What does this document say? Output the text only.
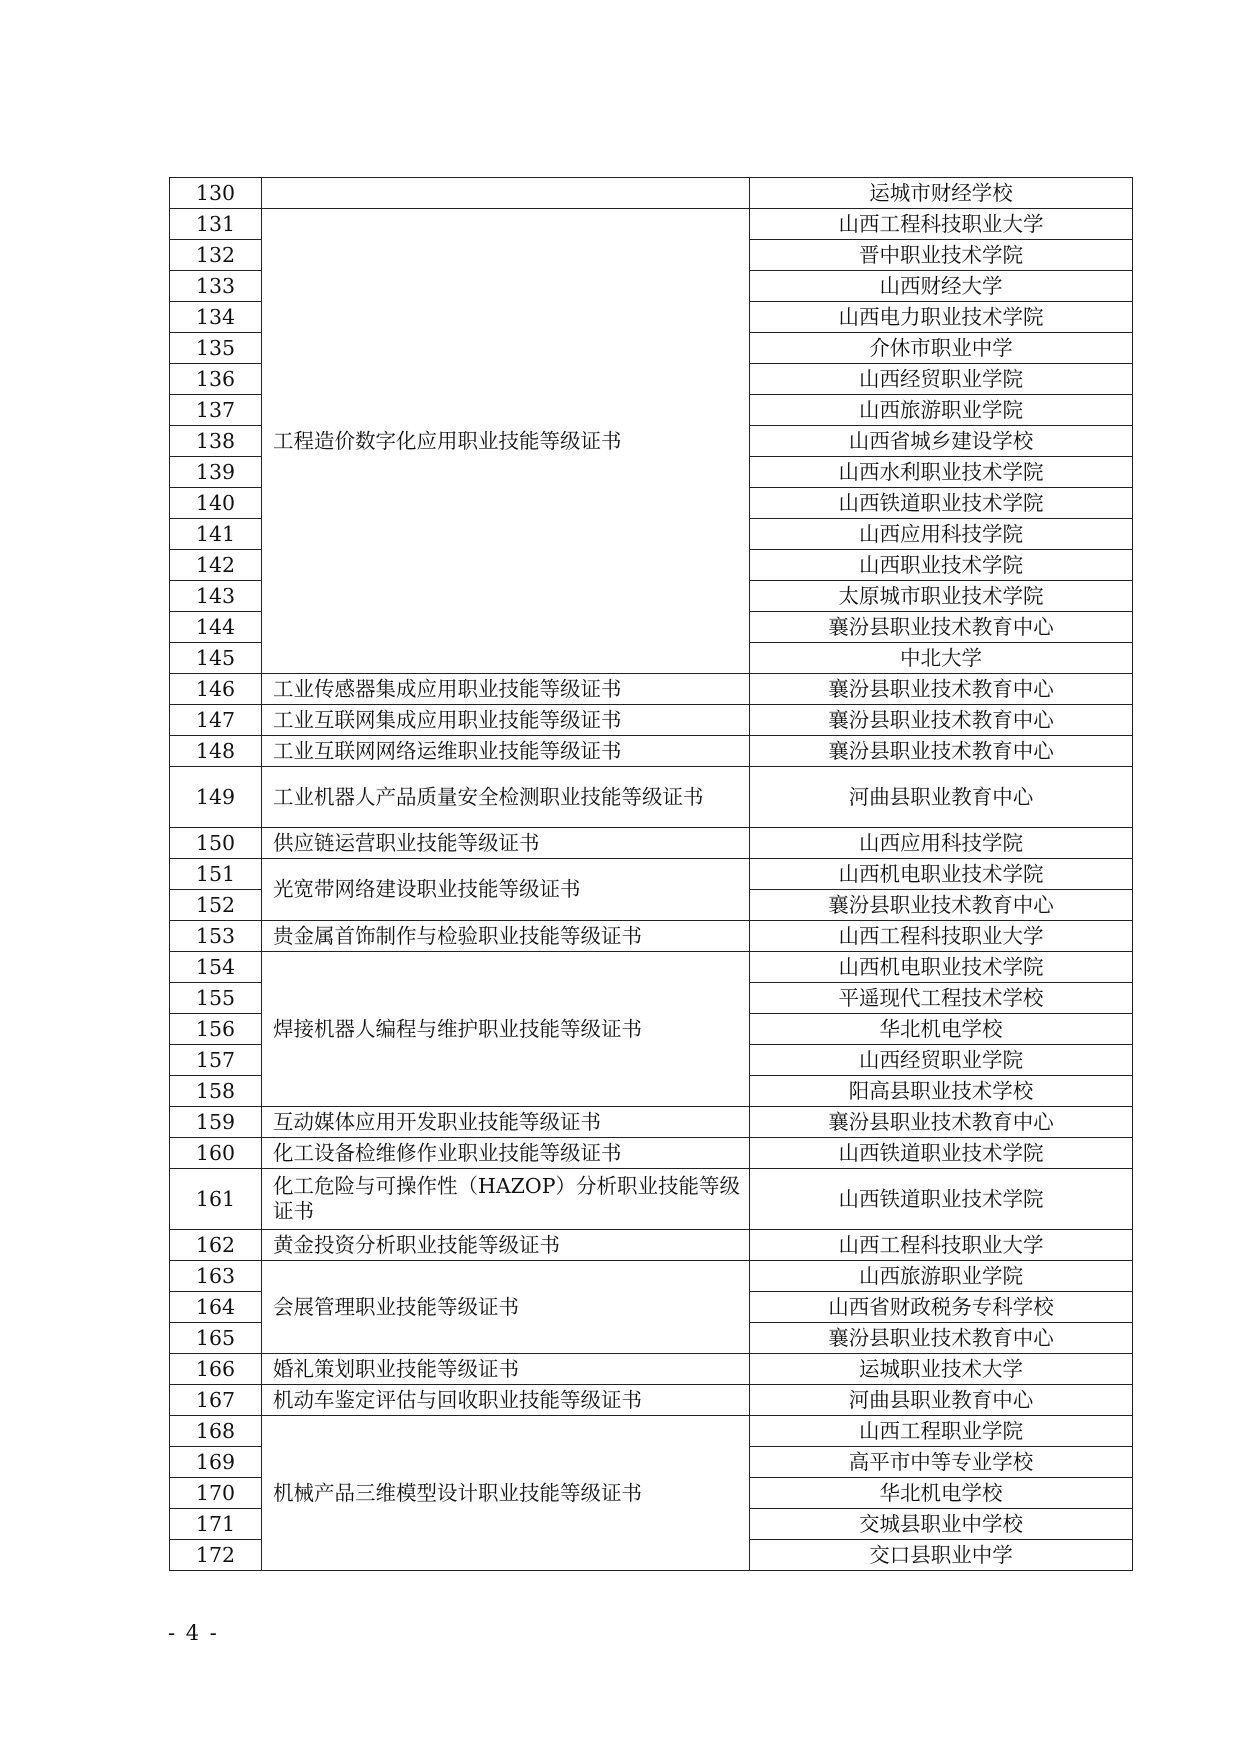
130		运城市财经学校
131	工程造价数字化应用职业技能等级证书	山西工程科技职业大学
132		晋中职业技术学院
133		山西财经大学
134		山西电力职业技术学院
135		介休市职业中学
136		山西经贸职业学院
137		山西旅游职业学院
138		山西省城乡建设学校
139		山西水利职业技术学院
140		山西铁道职业技术学院
141		山西应用科技学院
142		山西职业技术学院
143		太原城市职业技术学院
144		襄汾县职业技术教育中心
145		中北大学
146	工业传感器集成应用职业技能等级证书	襄汾县职业技术教育中心
147	工业互联网集成应用职业技能等级证书	襄汾县职业技术教育中心
148	工业互联网网络运维职业技能等级证书	襄汾县职业技术教育中心
149	工业机器人产品质量安全检测职业技能等级证书	河曲县职业教育中心
150	供应链运营职业技能等级证书	山西应用科技学院
151	光宽带网络建设职业技能等级证书	山西机电职业技术学院
152		襄汾县职业技术教育中心
153	贵金属首饰制作与检验职业技能等级证书	山西工程科技职业大学
154	焊接机器人编程与维护职业技能等级证书	山西机电职业技术学院
155		平遥现代工程技术学校
156		华北机电学校
157		山西经贸职业学院
158		阳高县职业技术学校
159	互动媒体应用开发职业技能等级证书	襄汾县职业技术教育中心
160	化工设备检维修作业职业技能等级证书	山西铁道职业技术学院
161	化工危险与可操作性（HAZOP）分析职业技能等级证书	山西铁道职业技术学院
162	黄金投资分析职业技能等级证书	山西工程科技职业大学
163	会展管理职业技能等级证书	山西旅游职业学院
164		山西省财政税务专科学校
165		襄汾县职业技术教育中心
166	婚礼策划职业技能等级证书	运城职业技术大学
167	机动车鉴定评估与回收职业技能等级证书	河曲县职业教育中心
168	机械产品三维模型设计职业技能等级证书	山西工程职业学院
169		高平市中等专业学校
170		华北机电学校
171		交城县职业中学校
172		交口县职业中学
- 4 -
